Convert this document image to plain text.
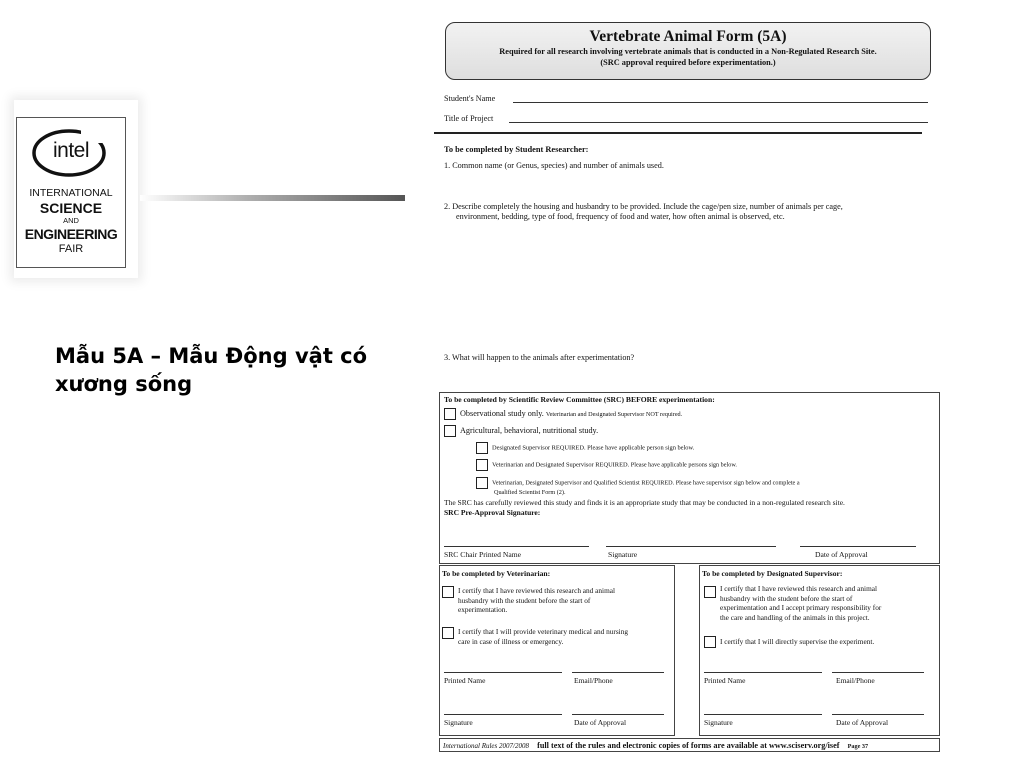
intel
INTERNATIONAL
SCIENCE
AND
ENGINEERING
FAIR
Mẫu 5A – Mẫu Động vật có xương sống
Vertebrate Animal Form (5A)
Required for all research involving vertebrate animals that is conducted in a Non-Regulated Research Site.
(SRC approval required before experimentation.)
Student's Name
Title of Project
To be completed by Student Researcher:
1. Common name (or Genus, species) and number of animals used.
2. Describe completely the housing and husbandry to be provided. Include the cage/pen size, number of animals per cage,
environment, bedding, type of food, frequency of food and water, how often animal is observed, etc.
3. What will happen to the animals after experimentation?
To be completed by Scientific Review Committee (SRC) BEFORE experimentation:
Observational study only. Veterinarian and Designated Supervisor NOT required.
Agricultural, behavioral, nutritional study.
Designated Supervisor REQUIRED. Please have applicable person sign below.
Veterinarian and Designated Supervisor REQUIRED. Please have applicable persons sign below.
Veterinarian, Designated Supervisor and Qualified Scientist REQUIRED. Please have supervisor sign below and complete a
Qualified Scientist Form (2).
The SRC has carefully reviewed this study and finds it is an appropriate study that may be conducted in a non-regulated research site.
SRC Pre-Approval Signature:
SRC Chair Printed Name	Signature	Date of Approval
To be completed by Veterinarian:
I certify that I have reviewed this research and animal
husbandry with the student before the start of
experimentation.
I certify that I will provide veterinary medical and nursing
care in case of illness or emergency.
Printed Name	Email/Phone
Signature	Date of Approval
To be completed by Designated Supervisor:
I certify that I have reviewed this research and animal
husbandry with the student before the start of
experimentation and I accept primary responsibility for
the care and handling of the animals in this project.
I certify that I will directly supervise the experiment.
Printed Name	Email/Phone
Signature	Date of Approval
International Rules 2007/2008 full text of the rules and electronic copies of forms are available at www.sciserv.org/isef Page 37
